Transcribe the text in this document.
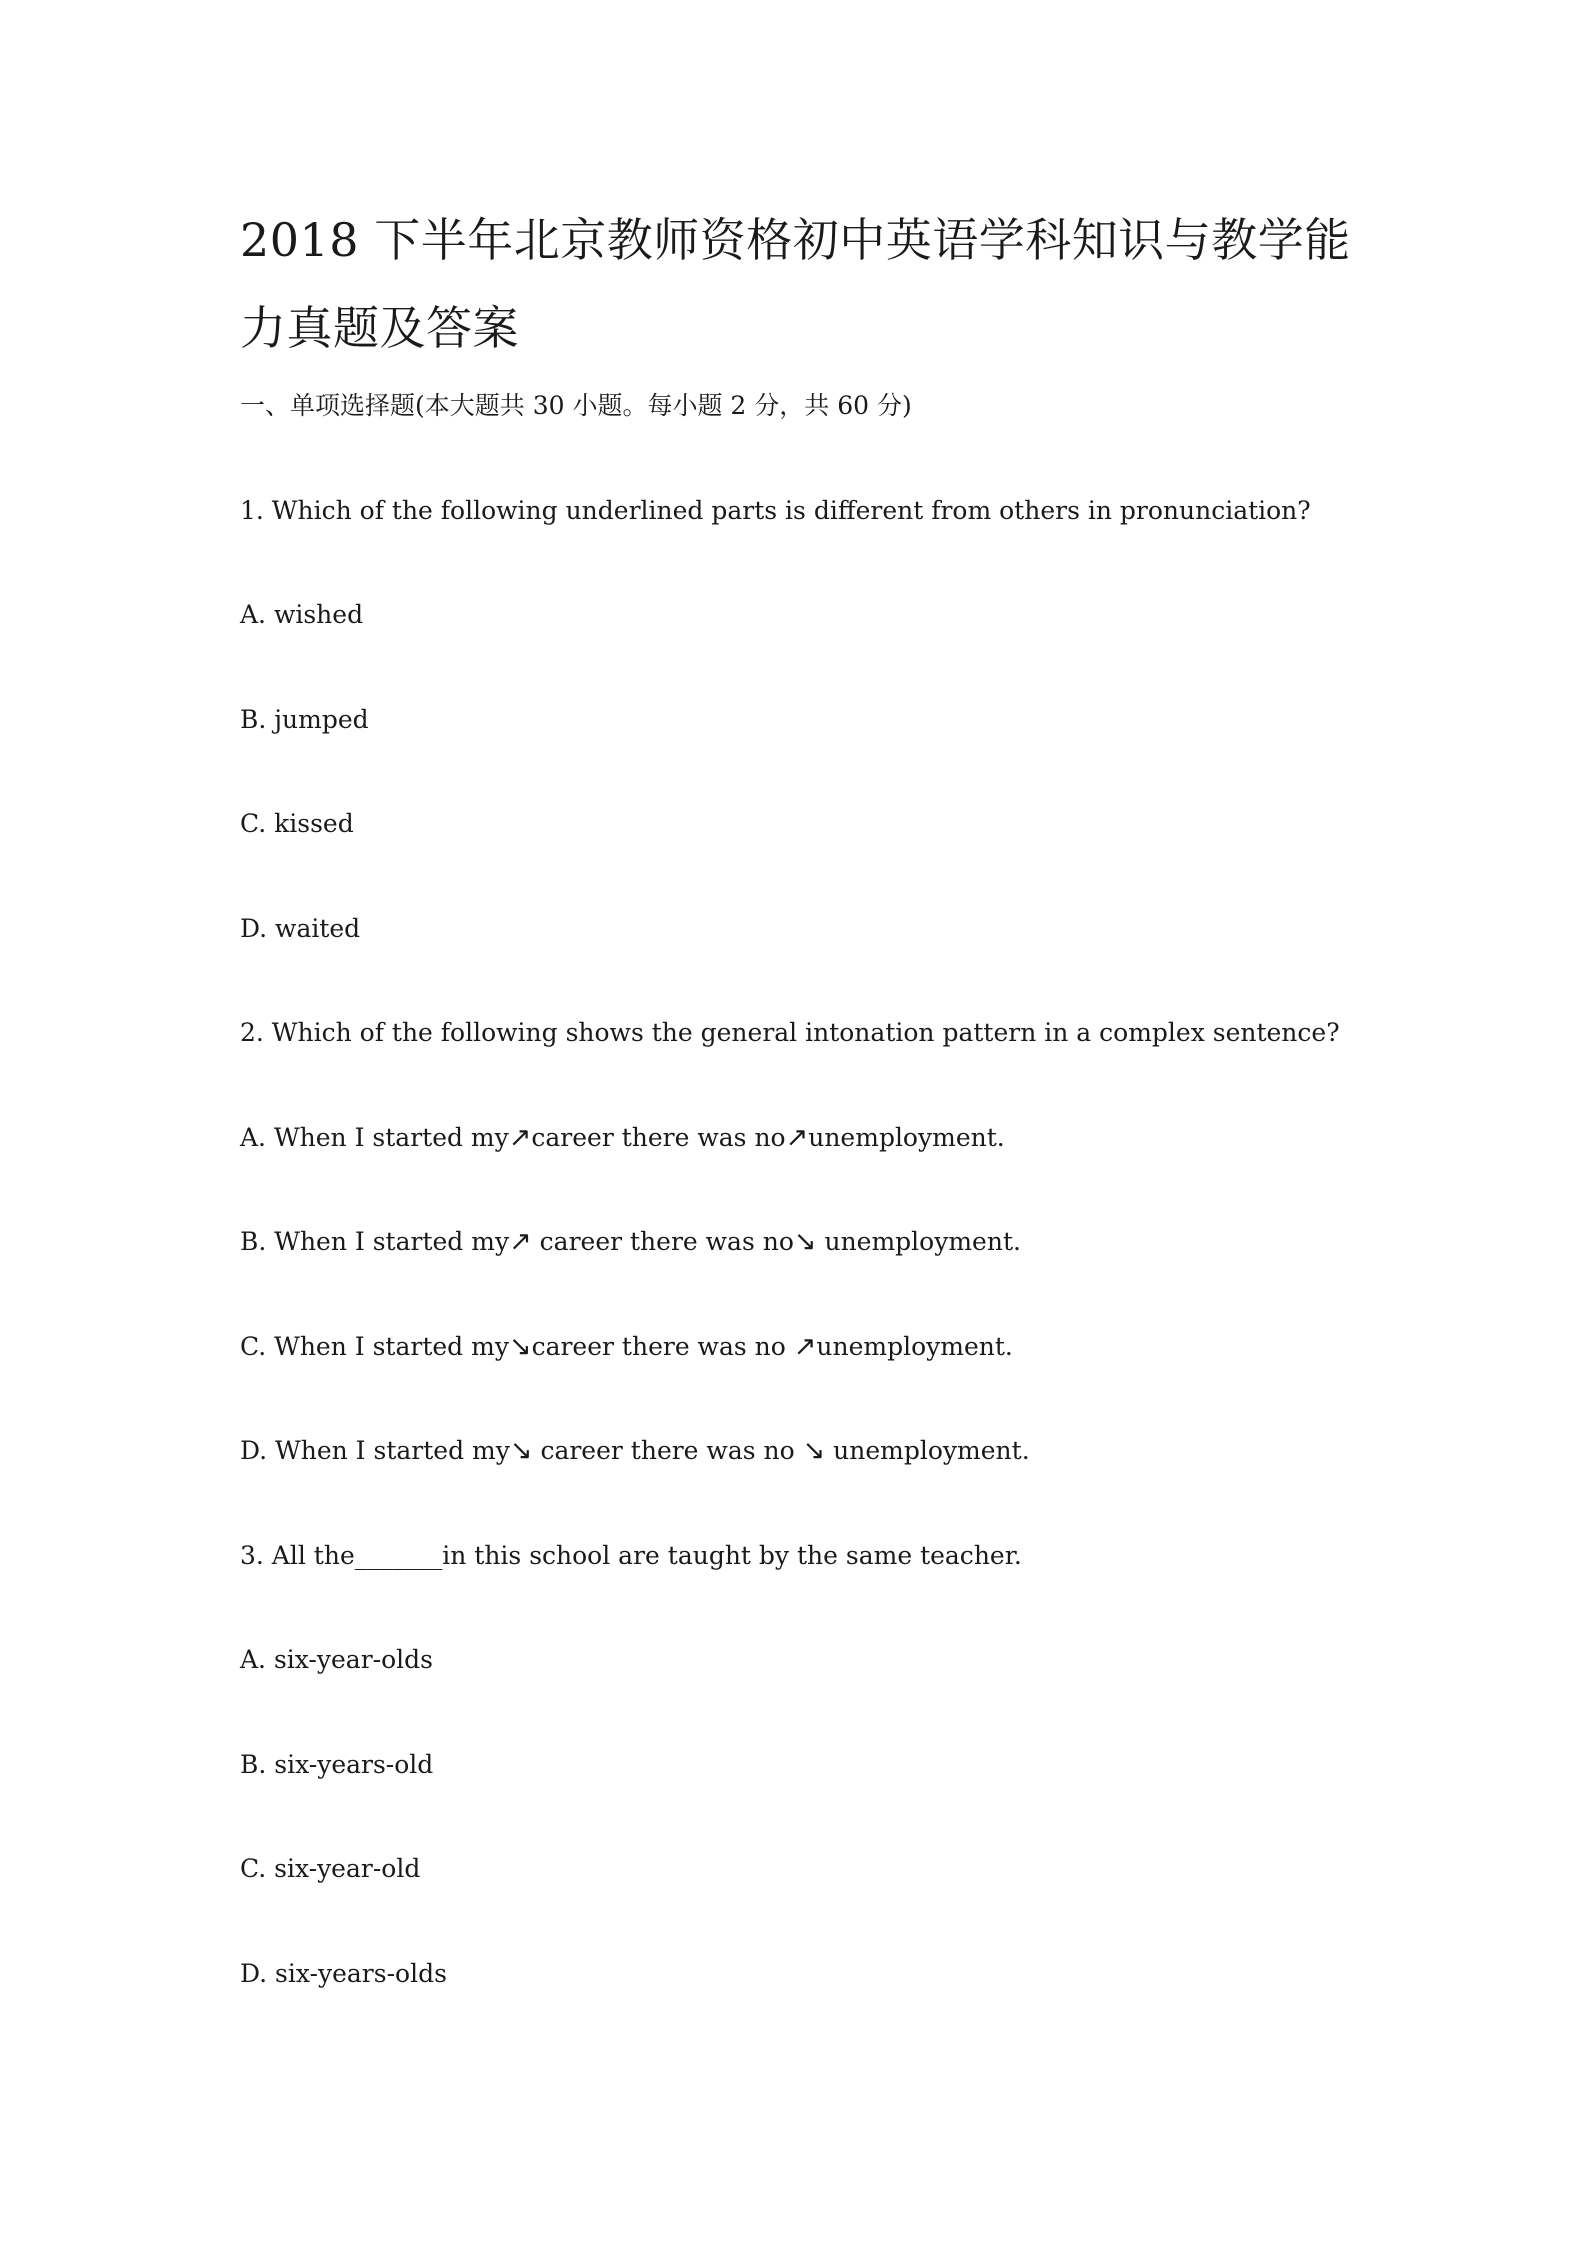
2018 下半年北京教师资格初中英语学科知识与教学能力真题及答案

一、单项选择题(本大题共 30 小题。每小题 2 分，共 60 分)

1. Which of the following underlined parts is different from others in pronunciation?

A. wished

B. jumped

C. kissed

D. waited

2. Which of the following shows the general intonation pattern in a complex sentence?

A. When I started my↗career there was no↗unemployment.

B. When I started my↗ career there was no↘ unemployment.

C. When I started my↘career there was no ↗unemployment.

D. When I started my↘ career there was no ↘ unemployment.

3. All the_______in this school are taught by the same teacher.

A. six-year-olds

B. six-years-old

C. six-year-old

D. six-years-olds
